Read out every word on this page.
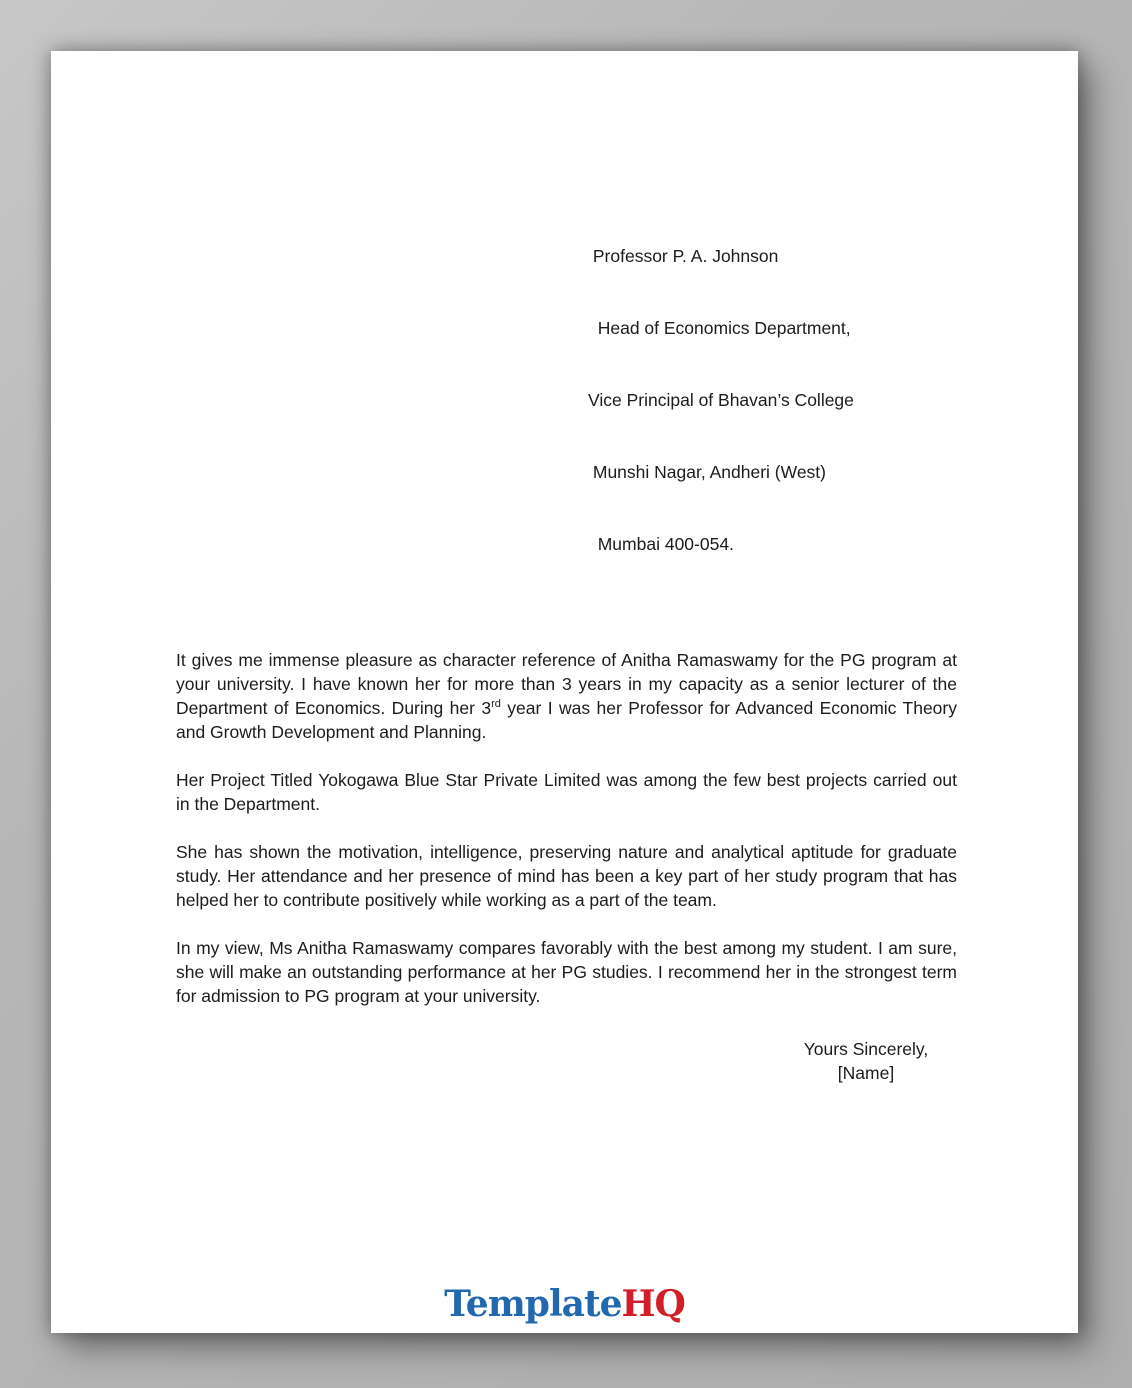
Professor P. A. Johnson

Head of Economics Department,

Vice Principal of Bhavan’s College

Munshi Nagar, Andheri (West)

Mumbai 400-054.

It gives me immense pleasure as character reference of Anitha Ramaswamy for the PG program at your university. I have known her for more than 3 years in my capacity as a senior lecturer of the Department of Economics. During her 3rd year I was her Professor for Advanced Economic Theory and Growth Development and Planning.

Her Project Titled Yokogawa Blue Star Private Limited was among the few best projects carried out in the Department.

She has shown the motivation, intelligence, preserving nature and analytical aptitude for graduate study. Her attendance and her presence of mind has been a key part of her study program that has helped her to contribute positively while working as a part of the team.

In my view, Ms Anitha Ramaswamy compares favorably with the best among my student. I am sure, she will make an outstanding performance at her PG studies. I recommend her in the strongest term for admission to PG program at your university.

Yours Sincerely,
[Name]
TemplateHQ
